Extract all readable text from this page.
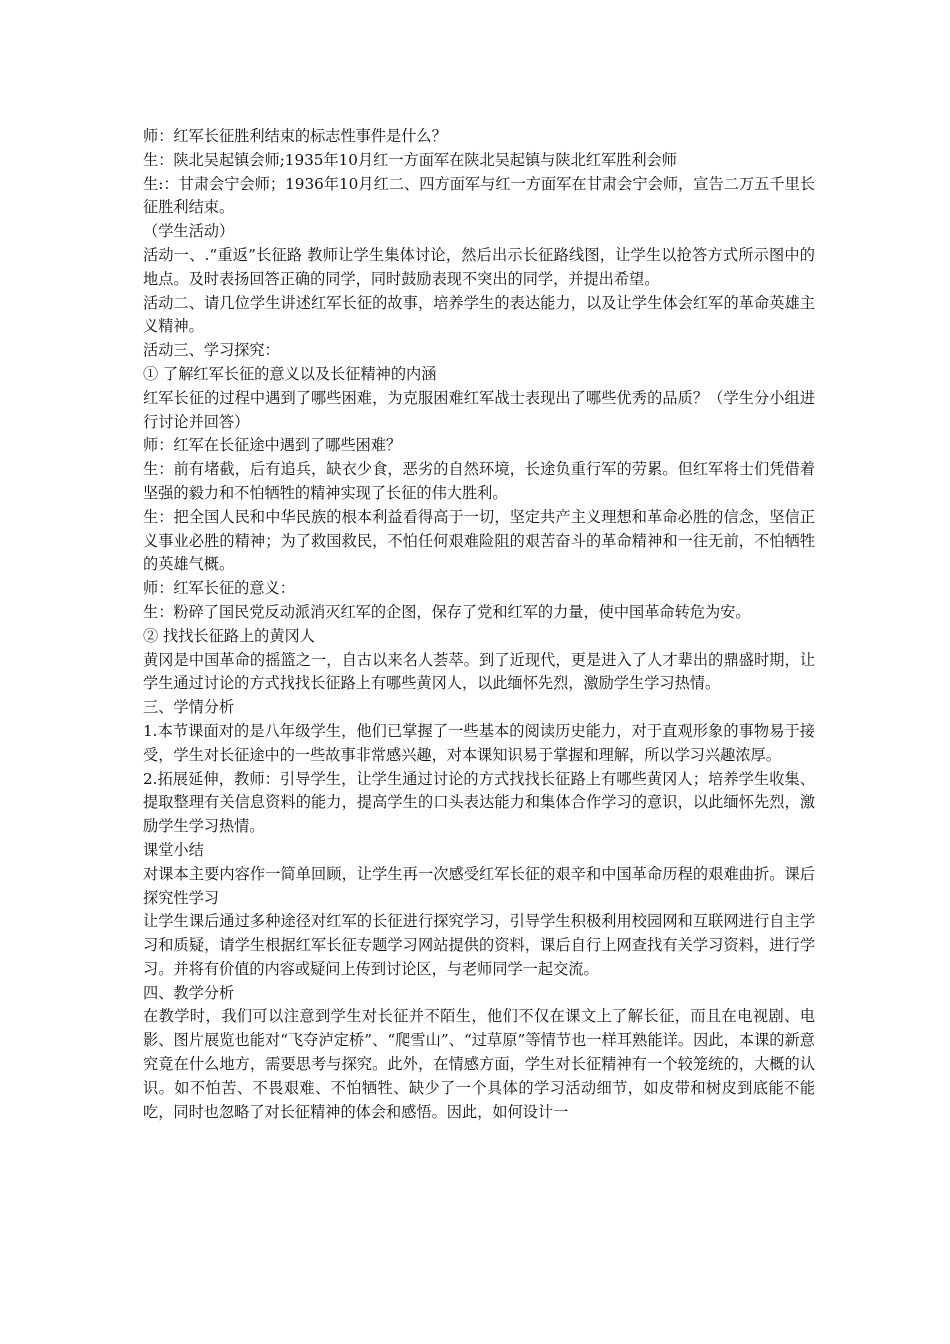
师：红军长征胜利结束的标志性事件是什么？

生：陕北吴起镇会师;1935年10月红一方面军在陕北吴起镇与陕北红军胜利会师

生:：甘肃会宁会师；1936年10月红二、四方面军与红一方面军在甘肃会宁会师，宣告二万五千里长征胜利结束。

（学生活动）

活动一、.“重返”长征路 教师让学生集体讨论，然后出示长征路线图，让学生以抢答方式所示图中的地点。及时表扬回答正确的同学，同时鼓励表现不突出的同学，并提出希望。

活动二、请几位学生讲述红军长征的故事，培养学生的表达能力，以及让学生体会红军的革命英雄主义精神。

活动三、学习探究：

① 了解红军长征的意义以及长征精神的内涵

红军长征的过程中遇到了哪些困难，为克服困难红军战士表现出了哪些优秀的品质？（学生分小组进行讨论并回答）

师：红军在长征途中遇到了哪些困难？

生：前有堵截，后有追兵，缺衣少食，恶劣的自然环境，长途负重行军的劳累。但红军将士们凭借着坚强的毅力和不怕牺牲的精神实现了长征的伟大胜利。

生：把全国人民和中华民族的根本利益看得高于一切，坚定共产主义理想和革命必胜的信念，坚信正义事业必胜的精神；为了救国救民，不怕任何艰难险阻的艰苦奋斗的革命精神和一往无前，不怕牺牲的英雄气概。

师：红军长征的意义：

生：粉碎了国民党反动派消灭红军的企图，保存了党和红军的力量，使中国革命转危为安。

② 找找长征路上的黄冈人

黄冈是中国革命的摇篮之一，自古以来名人荟萃。到了近现代，更是进入了人才辈出的鼎盛时期，让学生通过讨论的方式找找长征路上有哪些黄冈人，以此缅怀先烈，激励学生学习热情。

三、学情分析

1.本节课面对的是八年级学生，他们已掌握了一些基本的阅读历史能力，对于直观形象的事物易于接受，学生对长征途中的一些故事非常感兴趣，对本课知识易于掌握和理解，所以学习兴趣浓厚。

2.拓展延伸，教师：引导学生，让学生通过讨论的方式找找长征路上有哪些黄冈人；培养学生收集、提取整理有关信息资料的能力，提高学生的口头表达能力和集体合作学习的意识，以此缅怀先烈，激励学生学习热情。

课堂小结

对课本主要内容作一简单回顾，让学生再一次感受红军长征的艰辛和中国革命历程的艰难曲折。课后探究性学习

让学生课后通过多种途径对红军的长征进行探究学习，引导学生积极利用校园网和互联网进行自主学习和质疑，请学生根据红军长征专题学习网站提供的资料，课后自行上网查找有关学习资料，进行学习。并将有价值的内容或疑问上传到讨论区，与老师同学一起交流。

四、教学分析

在教学时，我们可以注意到学生对长征并不陌生，他们不仅在课文上了解长征，而且在电视剧、电影、图片展览也能对“飞夺泸定桥”、“爬雪山”、“过草原”等情节也一样耳熟能详。因此，本课的新意究竟在什么地方，需要思考与探究。此外，在情感方面，学生对长征精神有一个较笼统的，大概的认识。如不怕苦、不畏艰难、不怕牺牲、缺少了一个具体的学习活动细节，如皮带和树皮到底能不能吃，同时也忽略了对长征精神的体会和感悟。因此，如何设计一
